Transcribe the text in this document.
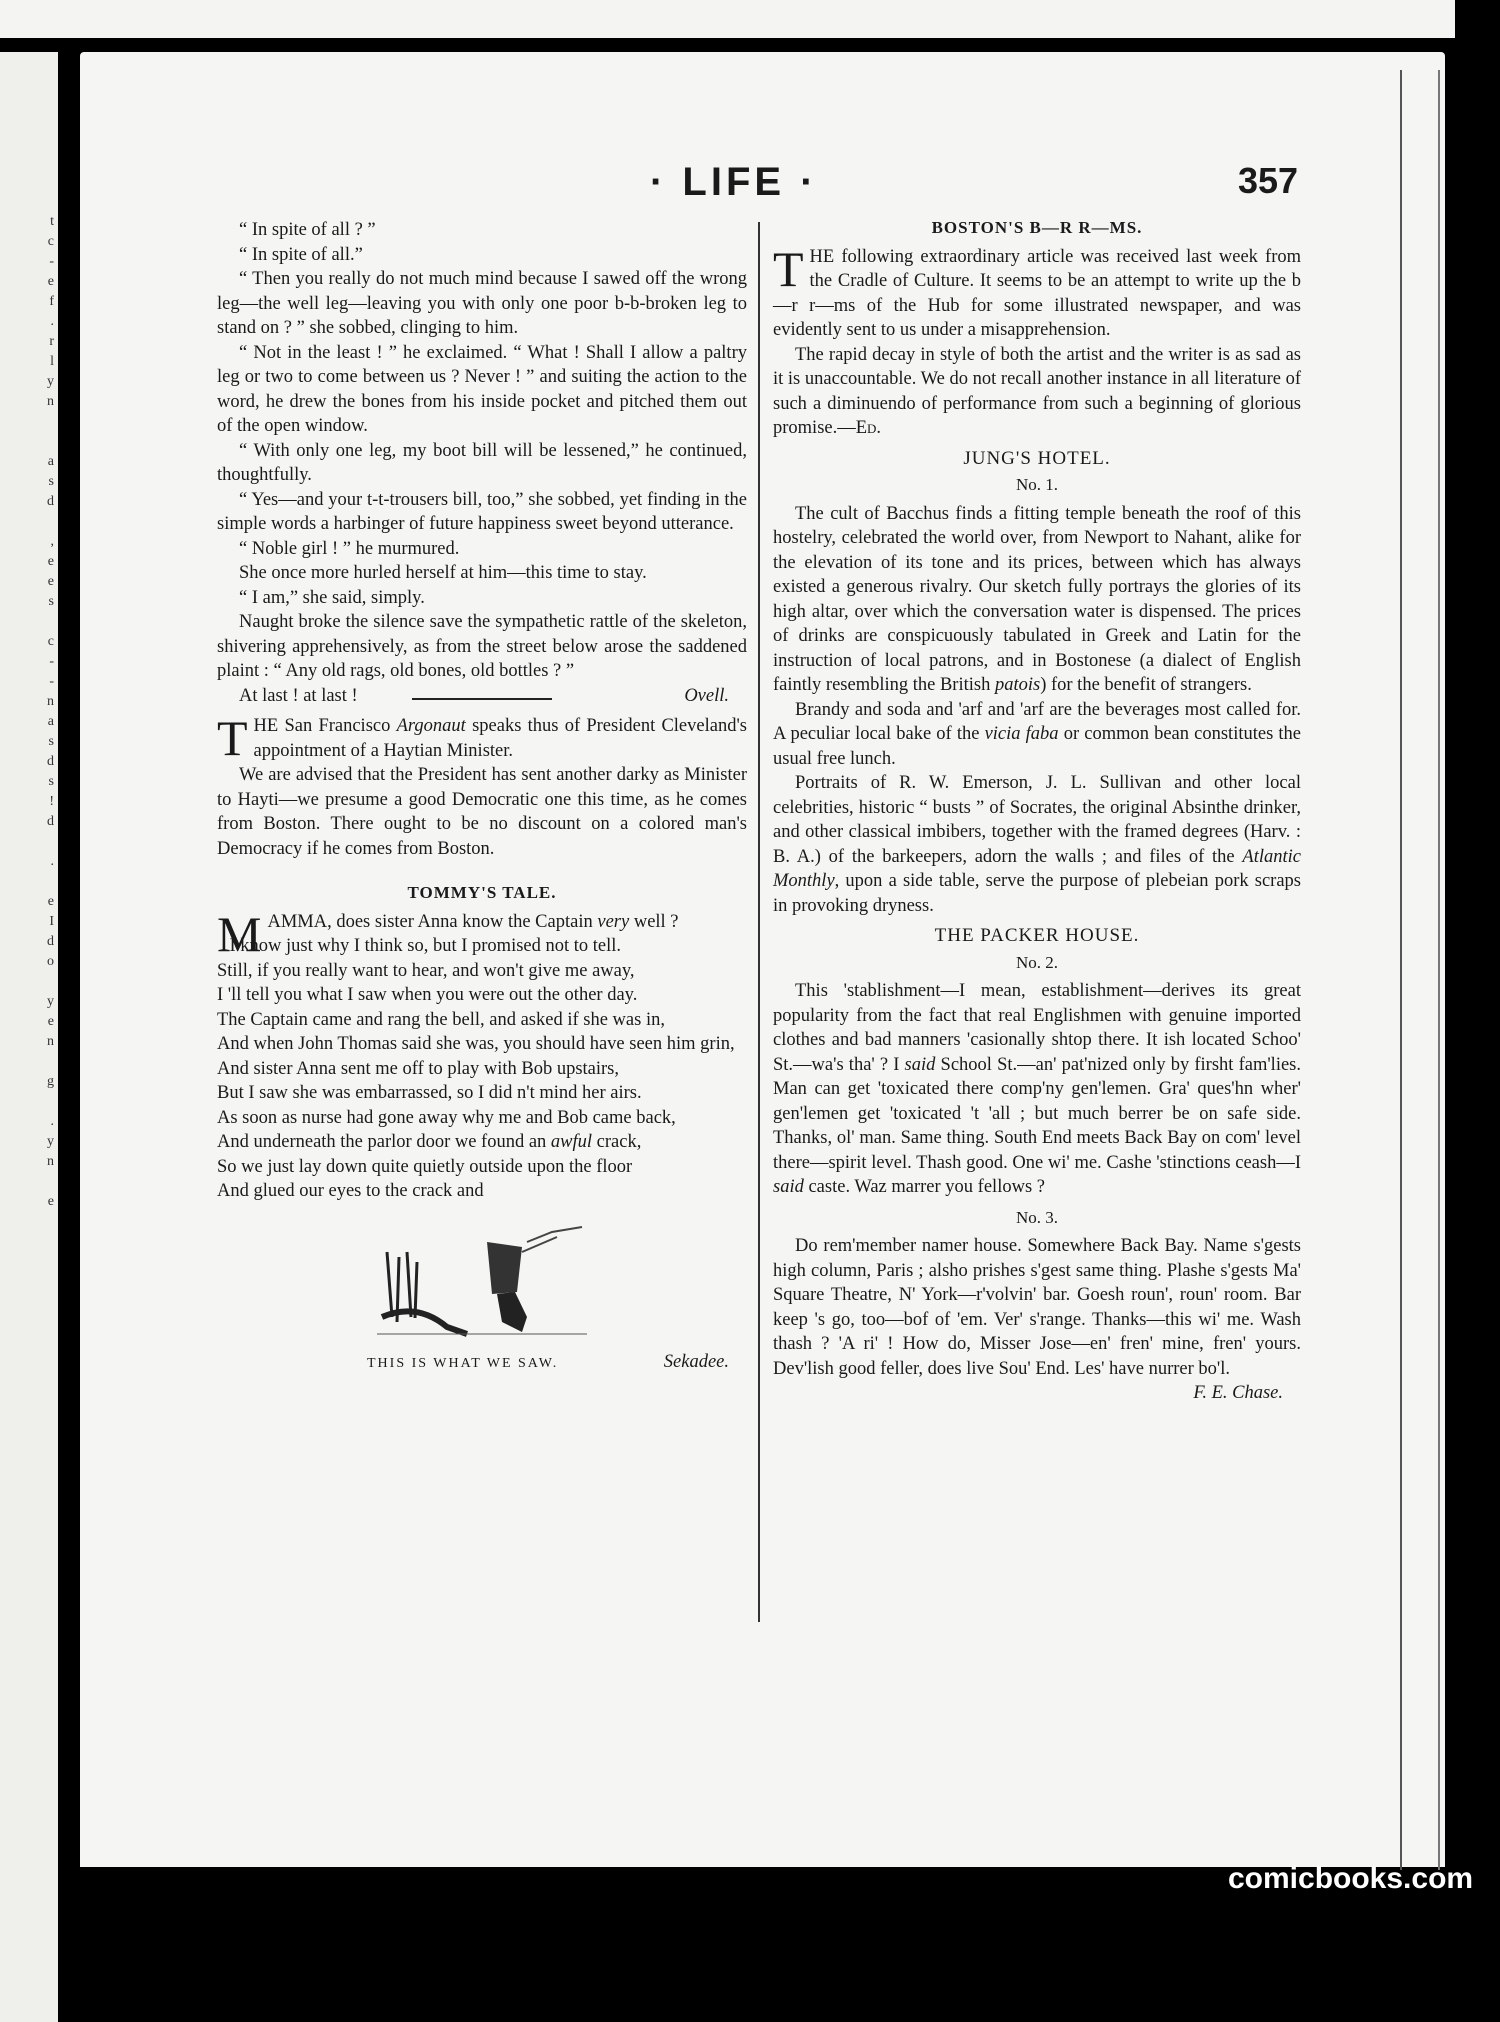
t
c
-
e
f
.
r
l
y
n

a
s
d

,
e
e
s

c
-
-
n
a
s
d
s
!
d

.

e
I
d
o

y
e
n

g

.
y
n

e
· LIFE ·	357

“ In spite of all ? ”

“ In spite of all.”

“ Then you really do not much mind because I sawed off the wrong leg—the well leg—leaving you with only one poor b-b-broken leg to stand on ? ” she sobbed, clinging to him.

“ Not in the least ! ” he exclaimed. “ What ! Shall I allow a paltry leg or two to come between us ? Never ! ” and suiting the action to the word, he drew the bones from his inside pocket and pitched them out of the open window.

“ With only one leg, my boot bill will be lessened,” he continued, thoughtfully.

“ Yes—and your t-t-trousers bill, too,” she sobbed, yet finding in the simple words a harbinger of future happiness sweet beyond utterance.

“ Noble girl ! ” he murmured.

She once more hurled herself at him—this time to stay.

“ I am,” she said, simply.

Naught broke the silence save the sympathetic rattle of the skeleton, shivering apprehensively, as from the street below arose the saddened plaint : “ Any old rags, old bones, old bottles ? ”

At last ! at last !	Ovell.

THE San Francisco Argonaut speaks thus of President Cleveland's appointment of a Haytian Minister.

We are advised that the President has sent another darky as Minister to Hayti—we presume a good Democratic one this time, as he comes from Boston. There ought to be no discount on a colored man's Democracy if he comes from Boston.

TOMMY'S TALE.

MAMMA, does sister Anna know the Captain very well ?

I know just why I think so, but I promised not to tell.

Still, if you really want to hear, and won't give me away,

I 'll tell you what I saw when you were out the other day.

The Captain came and rang the bell, and asked if she was in,

And when John Thomas said she was, you should have seen him grin,

And sister Anna sent me off to play with Bob upstairs,

But I saw she was embarrassed, so I did n't mind her airs.

As soon as nurse had gone away why me and Bob came back,

And underneath the parlor door we found an awful crack,

So we just lay down quite quietly outside upon the floor

And glued our eyes to the crack and

THIS IS WHAT WE SAW.	Sekadee.
BOSTON'S B—R R—MS.

THE following extraordinary article was received last week from the Cradle of Culture. It seems to be an attempt to write up the b—r r—ms of the Hub for some illustrated newspaper, and was evidently sent to us under a misapprehension.

The rapid decay in style of both the artist and the writer is as sad as it is unaccountable. We do not recall another instance in all literature of such a diminuendo of performance from such a beginning of glorious promise.—Ed.

JUNG'S HOTEL.
No. 1.

The cult of Bacchus finds a fitting temple beneath the roof of this hostelry, celebrated the world over, from Newport to Nahant, alike for the elevation of its tone and its prices, between which has always existed a generous rivalry. Our sketch fully portrays the glories of its high altar, over which the conversation water is dispensed. The prices of drinks are conspicuously tabulated in Greek and Latin for the instruction of local patrons, and in Bostonese (a dialect of English faintly resembling the British patois) for the benefit of strangers.

Brandy and soda and 'arf and 'arf are the beverages most called for. A peculiar local bake of the vicia faba or common bean constitutes the usual free lunch.

Portraits of R. W. Emerson, J. L. Sullivan and other local celebrities, historic “ busts ” of Socrates, the original Absinthe drinker, and other classical imbibers, together with the framed degrees (Harv. : B. A.) of the barkeepers, adorn the walls ; and files of the Atlantic Monthly, upon a side table, serve the purpose of plebeian pork scraps in provoking dryness.

THE PACKER HOUSE.
No. 2.

This 'stablishment—I mean, establishment—derives its great popularity from the fact that real Englishmen with genuine imported clothes and bad manners 'casionally shtop there. It ish located Schoo' St.—wa's tha' ? I said School St.—an' pat'nized only by firsht fam'lies. Man can get 'toxicated there comp'ny gen'lemen. Gra' ques'hn wher' gen'lemen get 'toxicated 't 'all ; but much berrer be on safe side. Thanks, ol' man. Same thing. South End meets Back Bay on com' level there—spirit level. Thash good. One wi' me. Cashe 'stinctions ceash—I said caste. Waz marrer you fellows ?

No. 3.

Do rem'member namer house. Somewhere Back Bay. Name s'gests high column, Paris ; alsho prishes s'gest same thing. Plashe s'gests Ma' Square Theatre, N' York—r'volvin' bar. Goesh roun', roun' room. Bar keep 's go, too—bof of 'em. Ver' s'range. Thanks—this wi' me. Wash thash ? 'A ri' ! How do, Misser Jose—en' fren' mine, fren' yours. Dev'lish good feller, does live Sou' End. Les' have nurrer bo'l.

F. E. Chase.

comicbooks.com
